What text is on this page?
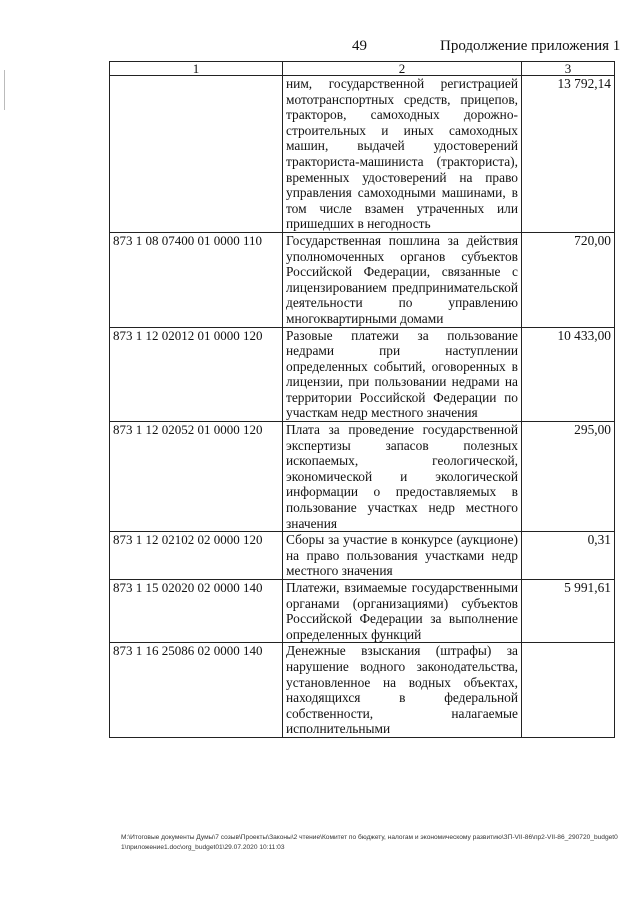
49	Продолжение приложения 1
1	2	3
	ним, государственной регистрацией мототранспортных средств, прицепов, тракторов, самоходных дорожно-строительных и иных самоходных машин, выдачей удостоверений тракториста-машиниста (тракториста), временных удостоверений на право управления самоходными машинами, в том числе взамен утраченных или пришедших в негодность	13 792,14
873 1 08 07400 01 0000 110	Государственная пошлина за действия уполномоченных органов субъектов Российской Федерации, связанные с лицензированием предпринимательской деятельности по управлению многоквартирными домами	720,00
873 1 12 02012 01 0000 120	Разовые платежи за пользование недрами при наступлении определенных событий, оговоренных в лицензии, при пользовании недрами на территории Российской Федерации по участкам недр местного значения	10 433,00
873 1 12 02052 01 0000 120	Плата за проведение государственной экспертизы запасов полезных ископаемых, геологической, экономической и экологической информации о предоставляемых в пользование участках недр местного значения	295,00
873 1 12 02102 02 0000 120	Сборы за участие в конкурсе (аукционе) на право пользования участками недр местного значения	0,31
873 1 15 02020 02 0000 140	Платежи, взимаемые государственными органами (организациями) субъектов Российской Федерации за выполнение определенных функций	5 991,61
873 1 16 25086 02 0000 140	Денежные взыскания (штрафы) за нарушение водного законодательства, установленное на водных объектах, находящихся в федеральной собственности, налагаемые исполнительными	
M:\Итоговые документы Думы\7 созыв\Проекты\Законы\2 чтение\Комитет по бюджету, налогам и экономическому развитию\ЗП-VII-86\пр2-VII-86_290720_budget01\приложение1.doc\org_budget01\29.07.2020 10:11:03
